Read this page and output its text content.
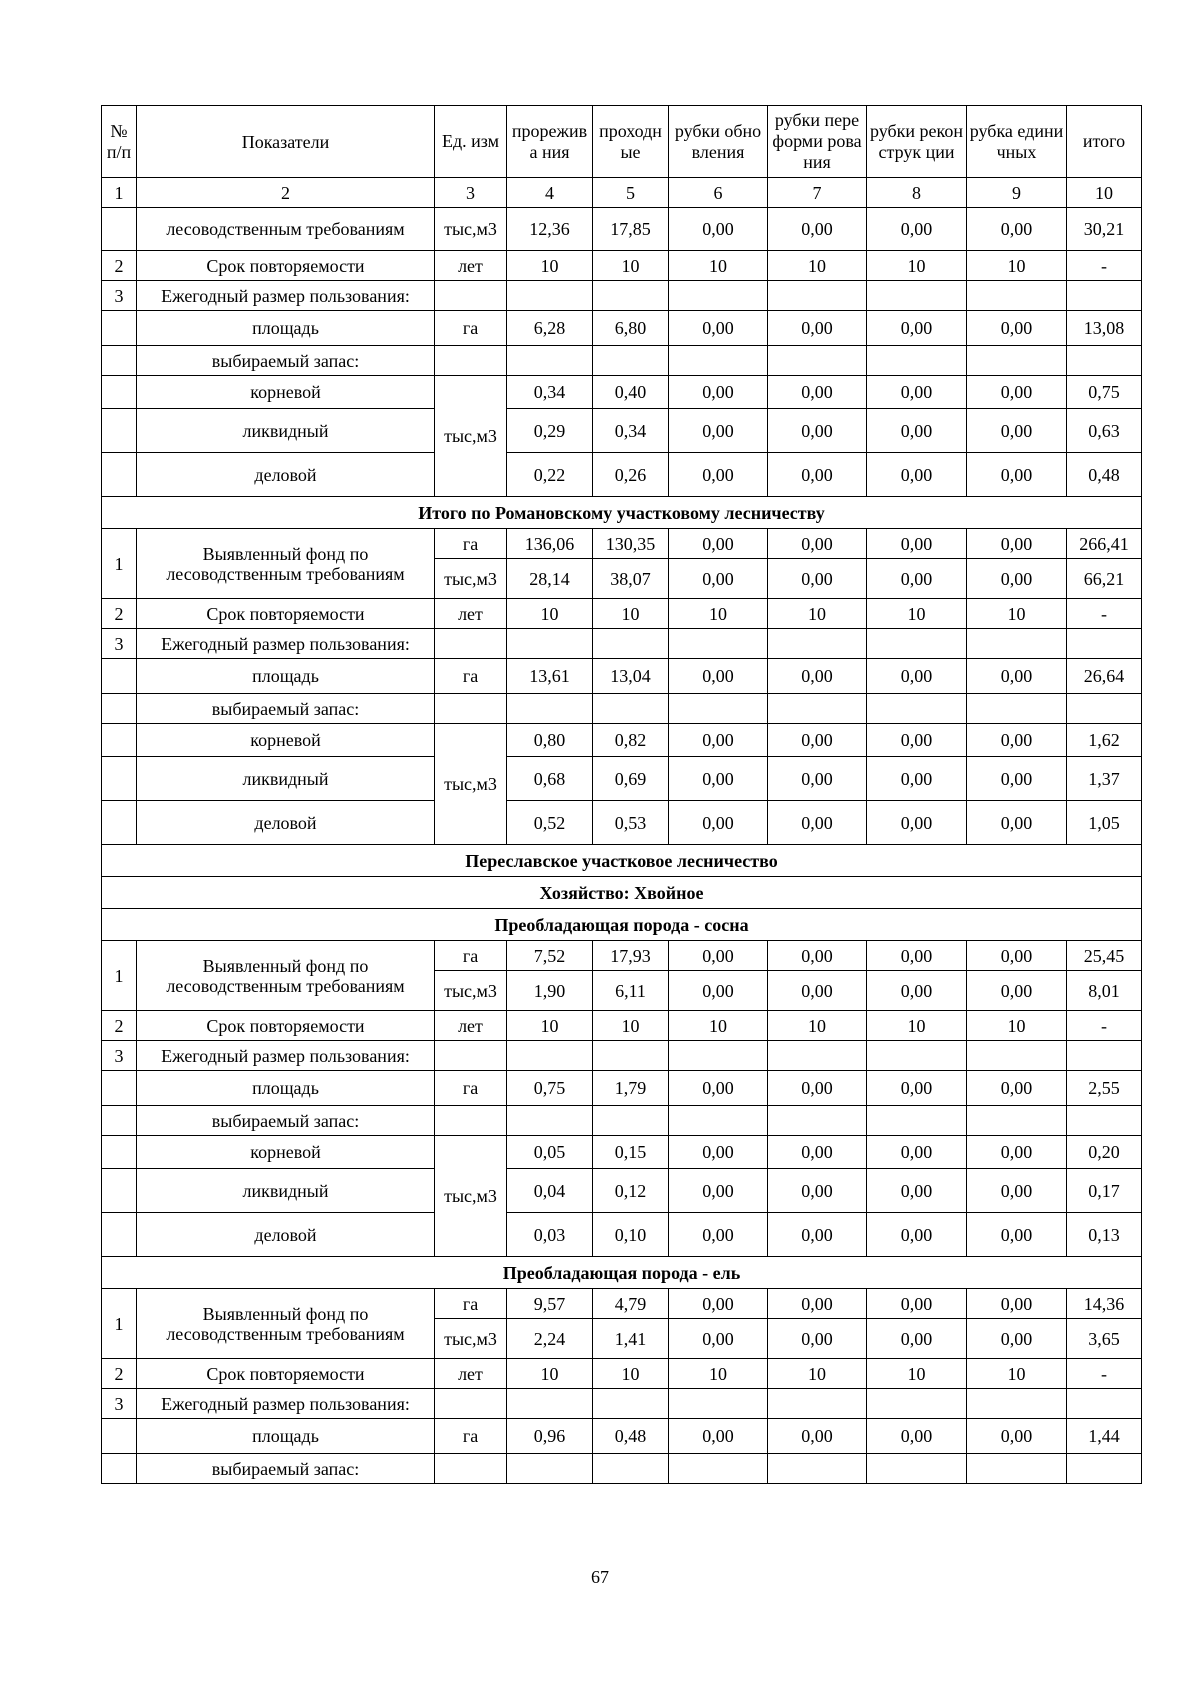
№ п/п	Показатели	Ед. изм	прорежива ния	проходн ые	рубки обновления	рубки переформи рования	рубки реконструк ции	рубка единичных	итого
1	2	3	4	5	6	7	8	9	10
	лесоводственным требованиям	тыс,м3	12,36	17,85	0,00	0,00	0,00	0,00	30,21
2	Срок повторяемости	лет	10	10	10	10	10	10	-
3	Ежегодный размер пользования:								
	площадь	га	6,28	6,80	0,00	0,00	0,00	0,00	13,08
	выбираемый запас:								
	корневой	тыс,м3	0,34	0,40	0,00	0,00	0,00	0,00	0,75
	ликвидный		0,29	0,34	0,00	0,00	0,00	0,00	0,63
	деловой		0,22	0,26	0,00	0,00	0,00	0,00	0,48
Итого по Романовскому участковому лесничеству									
1	Выявленный фонд по лесоводственным требованиям	га	136,06	130,35	0,00	0,00	0,00	0,00	266,41
		тыс,м3	28,14	38,07	0,00	0,00	0,00	0,00	66,21
2	Срок повторяемости	лет	10	10	10	10	10	10	-
3	Ежегодный размер пользования:								
	площадь	га	13,61	13,04	0,00	0,00	0,00	0,00	26,64
	выбираемый запас:								
	корневой	тыс,м3	0,80	0,82	0,00	0,00	0,00	0,00	1,62
	ликвидный		0,68	0,69	0,00	0,00	0,00	0,00	1,37
	деловой		0,52	0,53	0,00	0,00	0,00	0,00	1,05
Переславское участковое лесничество									
Хозяйство: Хвойное									
Преобладающая порода - сосна									
1	Выявленный фонд по лесоводственным требованиям	га	7,52	17,93	0,00	0,00	0,00	0,00	25,45
		тыс,м3	1,90	6,11	0,00	0,00	0,00	0,00	8,01
2	Срок повторяемости	лет	10	10	10	10	10	10	-
3	Ежегодный размер пользования:								
	площадь	га	0,75	1,79	0,00	0,00	0,00	0,00	2,55
	выбираемый запас:								
	корневой	тыс,м3	0,05	0,15	0,00	0,00	0,00	0,00	0,20
	ликвидный		0,04	0,12	0,00	0,00	0,00	0,00	0,17
	деловой		0,03	0,10	0,00	0,00	0,00	0,00	0,13
Преобладающая порода - ель									
1	Выявленный фонд по лесоводственным требованиям	га	9,57	4,79	0,00	0,00	0,00	0,00	14,36
		тыс,м3	2,24	1,41	0,00	0,00	0,00	0,00	3,65
2	Срок повторяемости	лет	10	10	10	10	10	10	-
3	Ежегодный размер пользования:								
	площадь	га	0,96	0,48	0,00	0,00	0,00	0,00	1,44
	выбираемый запас:								
67
